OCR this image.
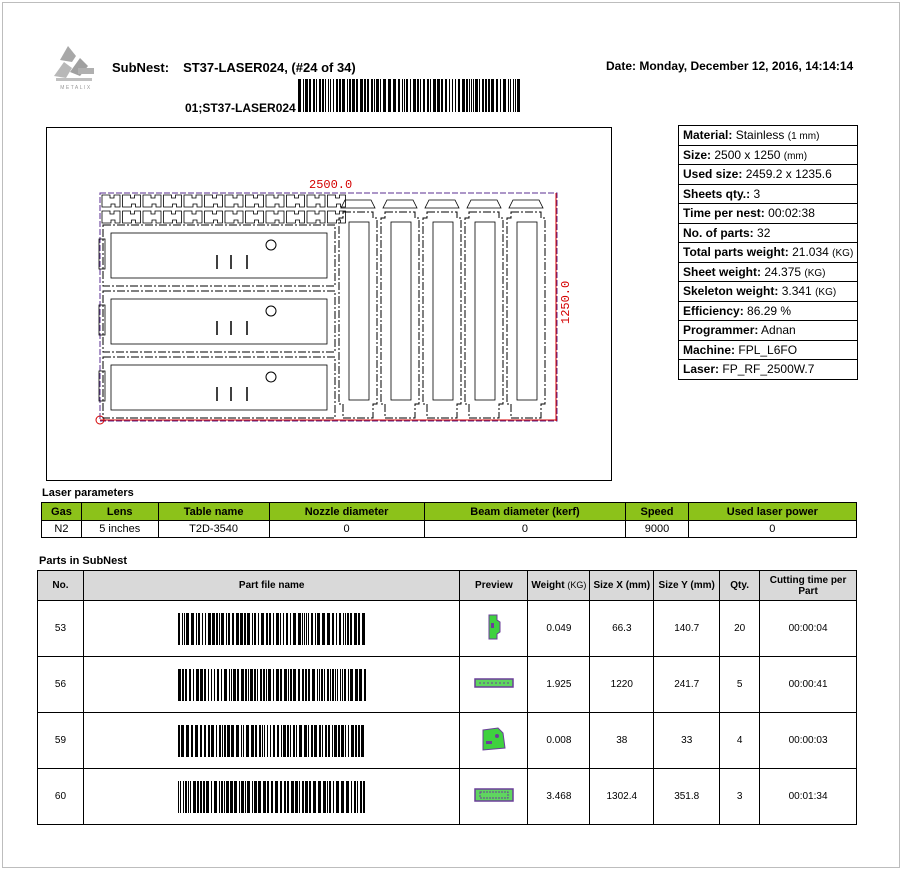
METALIX
SubNest: ST37-LASER024, (#24 of 34)	Date: Monday, December 12, 2016, 14:14:14
01;ST37-LASER024
2500.0
1250.0
Material: Stainless (1 mm)
Size: 2500 x 1250 (mm)
Used size: 2459.2 x 1235.6
Sheets qty.: 3
Time per nest: 00:02:38
No. of parts: 32
Total parts weight: 21.034 (KG)
Sheet weight: 24.375 (KG)
Skeleton weight: 3.341 (KG)
Efficiency: 86.29 %
Programmer: Adnan
Machine: FPL_L6FO
Laser: FP_RF_2500W.7
Laser parameters
Gas	Lens	Table name	Nozzle diameter	Beam diameter (kerf)	Speed	Used laser power
N2	5 inches	T2D-3540	0	0	9000	0
Parts in SubNest
No.	Part file name	Preview	Weight (KG)	Size X (mm)	Size Y (mm)	Qty.	Cutting time per Part
53			0.049	66.3	140.7	20	00:00:04
56			1.925	1220	241.7	5	00:00:41
59			0.008	38	33	4	00:00:03
60			3.468	1302.4	351.8	3	00:01:34
